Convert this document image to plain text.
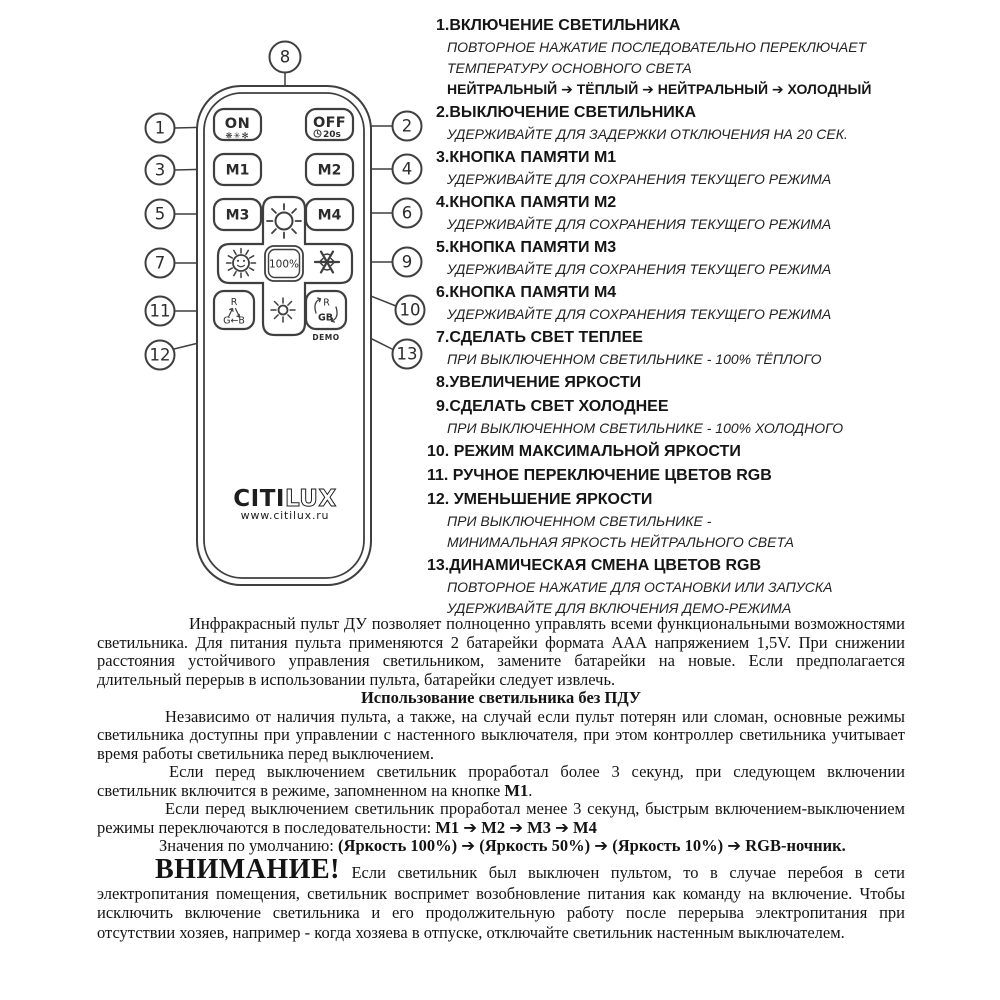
ON
❋✳✻
OFF
20s
M1	M2
M3	M4
100%
R
G←B
R
GB
DEMO
1	2
3	4
5	6
7
8
9
10
11
12	13
CITILUX
www.citilux.ru
1.ВКЛЮЧЕНИЕ СВЕТИЛЬНИКА
ПОВТОРНОЕ НАЖАТИЕ ПОСЛЕДОВАТЕЛЬНО ПЕРЕКЛЮЧАЕТ
ТЕМПЕРАТУРУ ОСНОВНОГО СВЕТА
НЕЙТРАЛЬНЫЙ ➔ ТЁПЛЫЙ ➔ НЕЙТРАЛЬНЫЙ ➔ ХОЛОДНЫЙ
2.ВЫКЛЮЧЕНИЕ СВЕТИЛЬНИКА
УДЕРЖИВАЙТЕ ДЛЯ ЗАДЕРЖКИ ОТКЛЮЧЕНИЯ НА 20 СЕК.
3.КНОПКА ПАМЯТИ М1
УДЕРЖИВАЙТЕ ДЛЯ СОХРАНЕНИЯ ТЕКУЩЕГО РЕЖИМА
4.КНОПКА ПАМЯТИ М2
УДЕРЖИВАЙТЕ ДЛЯ СОХРАНЕНИЯ ТЕКУЩЕГО РЕЖИМА
5.КНОПКА ПАМЯТИ М3
УДЕРЖИВАЙТЕ ДЛЯ СОХРАНЕНИЯ ТЕКУЩЕГО РЕЖИМА
6.КНОПКА ПАМЯТИ М4
УДЕРЖИВАЙТЕ ДЛЯ СОХРАНЕНИЯ ТЕКУЩЕГО РЕЖИМА
7.СДЕЛАТЬ СВЕТ ТЕПЛЕЕ
ПРИ ВЫКЛЮЧЕННОМ СВЕТИЛЬНИКЕ - 100% ТЁПЛОГО
8.УВЕЛИЧЕНИЕ ЯРКОСТИ
9.СДЕЛАТЬ СВЕТ ХОЛОДНЕЕ
ПРИ ВЫКЛЮЧЕННОМ СВЕТИЛЬНИКЕ - 100% ХОЛОДНОГО
10. РЕЖИМ МАКСИМАЛЬНОЙ ЯРКОСТИ
11. РУЧНОЕ ПЕРЕКЛЮЧЕНИЕ ЦВЕТОВ RGB
12. УМЕНЬШЕНИЕ ЯРКОСТИ
ПРИ ВЫКЛЮЧЕННОМ СВЕТИЛЬНИКЕ -
МИНИМАЛЬНАЯ ЯРКОСТЬ НЕЙТРАЛЬНОГО СВЕТА
13.ДИНАМИЧЕСКАЯ СМЕНА ЦВЕТОВ RGB
ПОВТОРНОЕ НАЖАТИЕ ДЛЯ ОСТАНОВКИ ИЛИ ЗАПУСКА
УДЕРЖИВАЙТЕ ДЛЯ ВКЛЮЧЕНИЯ ДЕМО-РЕЖИМА

Инфракрасный пульт ДУ позволяет полноценно управлять всеми функциональными возможностями светильника. Для питания пульта применяются 2 батарейки формата ААА напряжением 1,5V. При снижении расстояния устойчивого управления светильником, замените батарейки на новые. Если предполагается длительный перерыв в использовании пульта, батарейки следует извлечь.

Использование светильника без ПДУ

Независимо от наличия пульта, а также, на случай если пульт потерян или сломан, основные режимы светильника доступны при управлении с настенного выключателя, при этом контроллер светильника учитывает время работы светильника перед выключением.

Если перед выключением светильник проработал более 3 секунд, при следующем включении светильник включится в режиме, запомненном на кнопке М1.

Если перед выключением светильник проработал менее 3 секунд, быстрым включением-выключением режимы переключаются в последовательности: М1 ➔ М2 ➔ М3 ➔ М4

Значения по умолчанию: (Яркость 100%) ➔ (Яркость 50%) ➔ (Яркость 10%) ➔ RGB-ночник.

ВНИМАНИЕ! Если светильник был выключен пультом, то в случае перебоя в сети электропитания помещения, светильник воспримет возобновление питания как команду на включение. Чтобы исключить включение светильника и его продолжительную работу после перерыва электропитания при отсутствии хозяев, например - когда хозяева в отпуске, отключайте светильник настенным выключателем.
